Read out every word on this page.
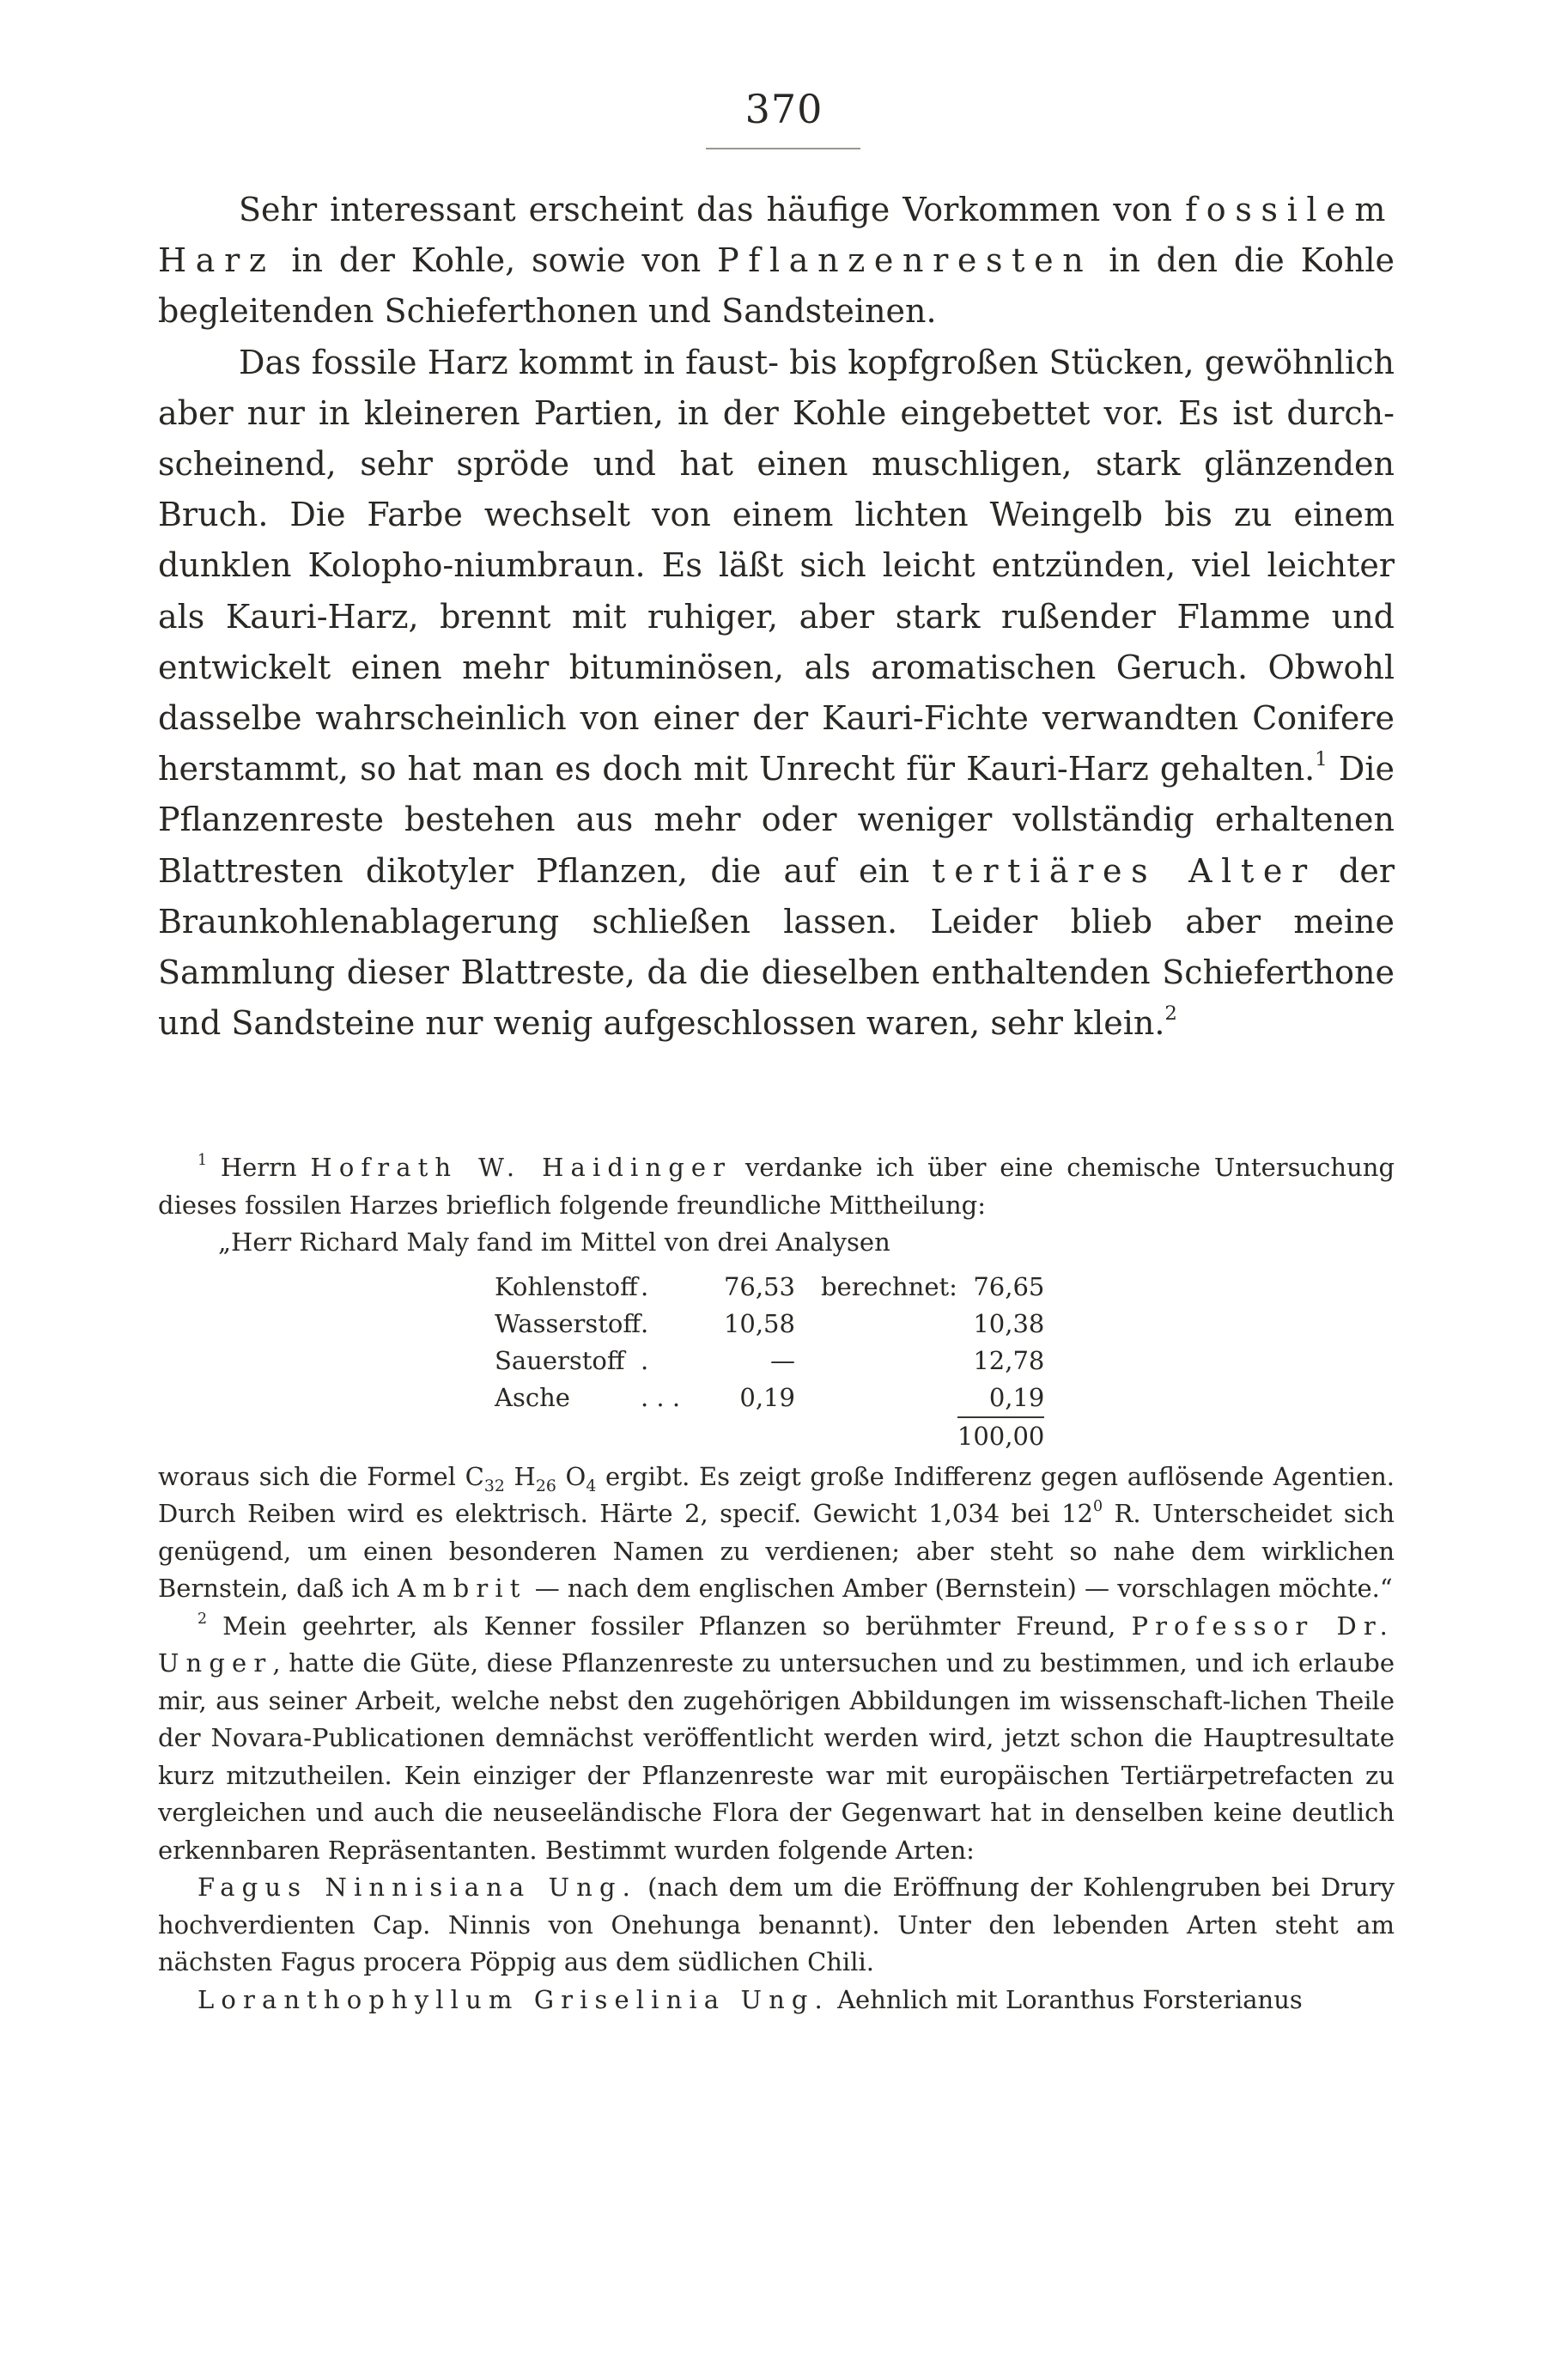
370

Sehr interessant erscheint das häufige Vorkommen von fossilem Harz in der Kohle, sowie von Pflanzenresten in den die Kohle begleitenden Schieferthonen und Sandsteinen.

Das fossile Harz kommt in faust- bis kopfgroßen Stücken, gewöhnlich aber nur in kleineren Partien, in der Kohle eingebettet vor. Es ist durch-scheinend, sehr spröde und hat einen muschligen, stark glänzenden Bruch. Die Farbe wechselt von einem lichten Weingelb bis zu einem dunklen Kolopho-niumbraun. Es läßt sich leicht entzünden, viel leichter als Kauri-Harz, brennt mit ruhiger, aber stark rußender Flamme und entwickelt einen mehr bituminösen, als aromatischen Geruch. Obwohl dasselbe wahrscheinlich von einer der Kauri-Fichte verwandten Conifere herstammt, so hat man es doch mit Unrecht für Kauri-Harz gehalten.$^1$ Die Pflanzenreste bestehen aus mehr oder weniger vollständig erhaltenen Blattresten dikotyler Pflanzen, die auf ein tertiäres Alter der Braunkohlenablagerung schließen lassen. Leider blieb aber meine Sammlung dieser Blattreste, da die dieselben enthaltenden Schieferthone und Sandsteine nur wenig aufgeschlossen waren, sehr klein.$^2$

$^1$ Herrn Hofrath W. Haidinger verdanke ich über eine chemische Untersuchung dieses fossilen Harzes brieflich folgende freundliche Mittheilung:

„Herr Richard Maly fand im Mittel von drei Analysen

Kohlenstoff	.	76,53	berechnet:	76,65
Wasserstoff	.	10,58		10,38
Sauerstoff	.	—		12,78
Asche	. . .	0,19		0,19
				100,00

woraus sich die Formel $C_{32}$ $H_{26}$ $O_4$ ergibt. Es zeigt große Indifferenz gegen auflösende Agentien. Durch Reiben wird es elektrisch. Härte 2, specif. Gewicht 1,034 bei $12^0$ R. Unterscheidet sich genügend, um einen besonderen Namen zu verdienen; aber steht so nahe dem wirklichen Bernstein, daß ich Ambrit — nach dem englischen Amber (Bernstein) — vorschlagen möchte.“

$^2$ Mein geehrter, als Kenner fossiler Pflanzen so berühmter Freund, Professor Dr. Unger, hatte die Güte, diese Pflanzenreste zu untersuchen und zu bestimmen, und ich erlaube mir, aus seiner Arbeit, welche nebst den zugehörigen Abbildungen im wissenschaft-lichen Theile der Novara-Publicationen demnächst veröffentlicht werden wird, jetzt schon die Hauptresultate kurz mitzutheilen. Kein einziger der Pflanzenreste war mit europäischen Tertiärpetrefacten zu vergleichen und auch die neuseeländische Flora der Gegenwart hat in denselben keine deutlich erkennbaren Repräsentanten. Bestimmt wurden folgende Arten:

Fagus Ninnisiana Ung. (nach dem um die Eröffnung der Kohlengruben bei Drury hochverdienten Cap. Ninnis von Onehunga benannt). Unter den lebenden Arten steht am nächsten Fagus procera Pöppig aus dem südlichen Chili.

Loranthophyllum Griselinia Ung. Aehnlich mit Loranthus Forsterianus
